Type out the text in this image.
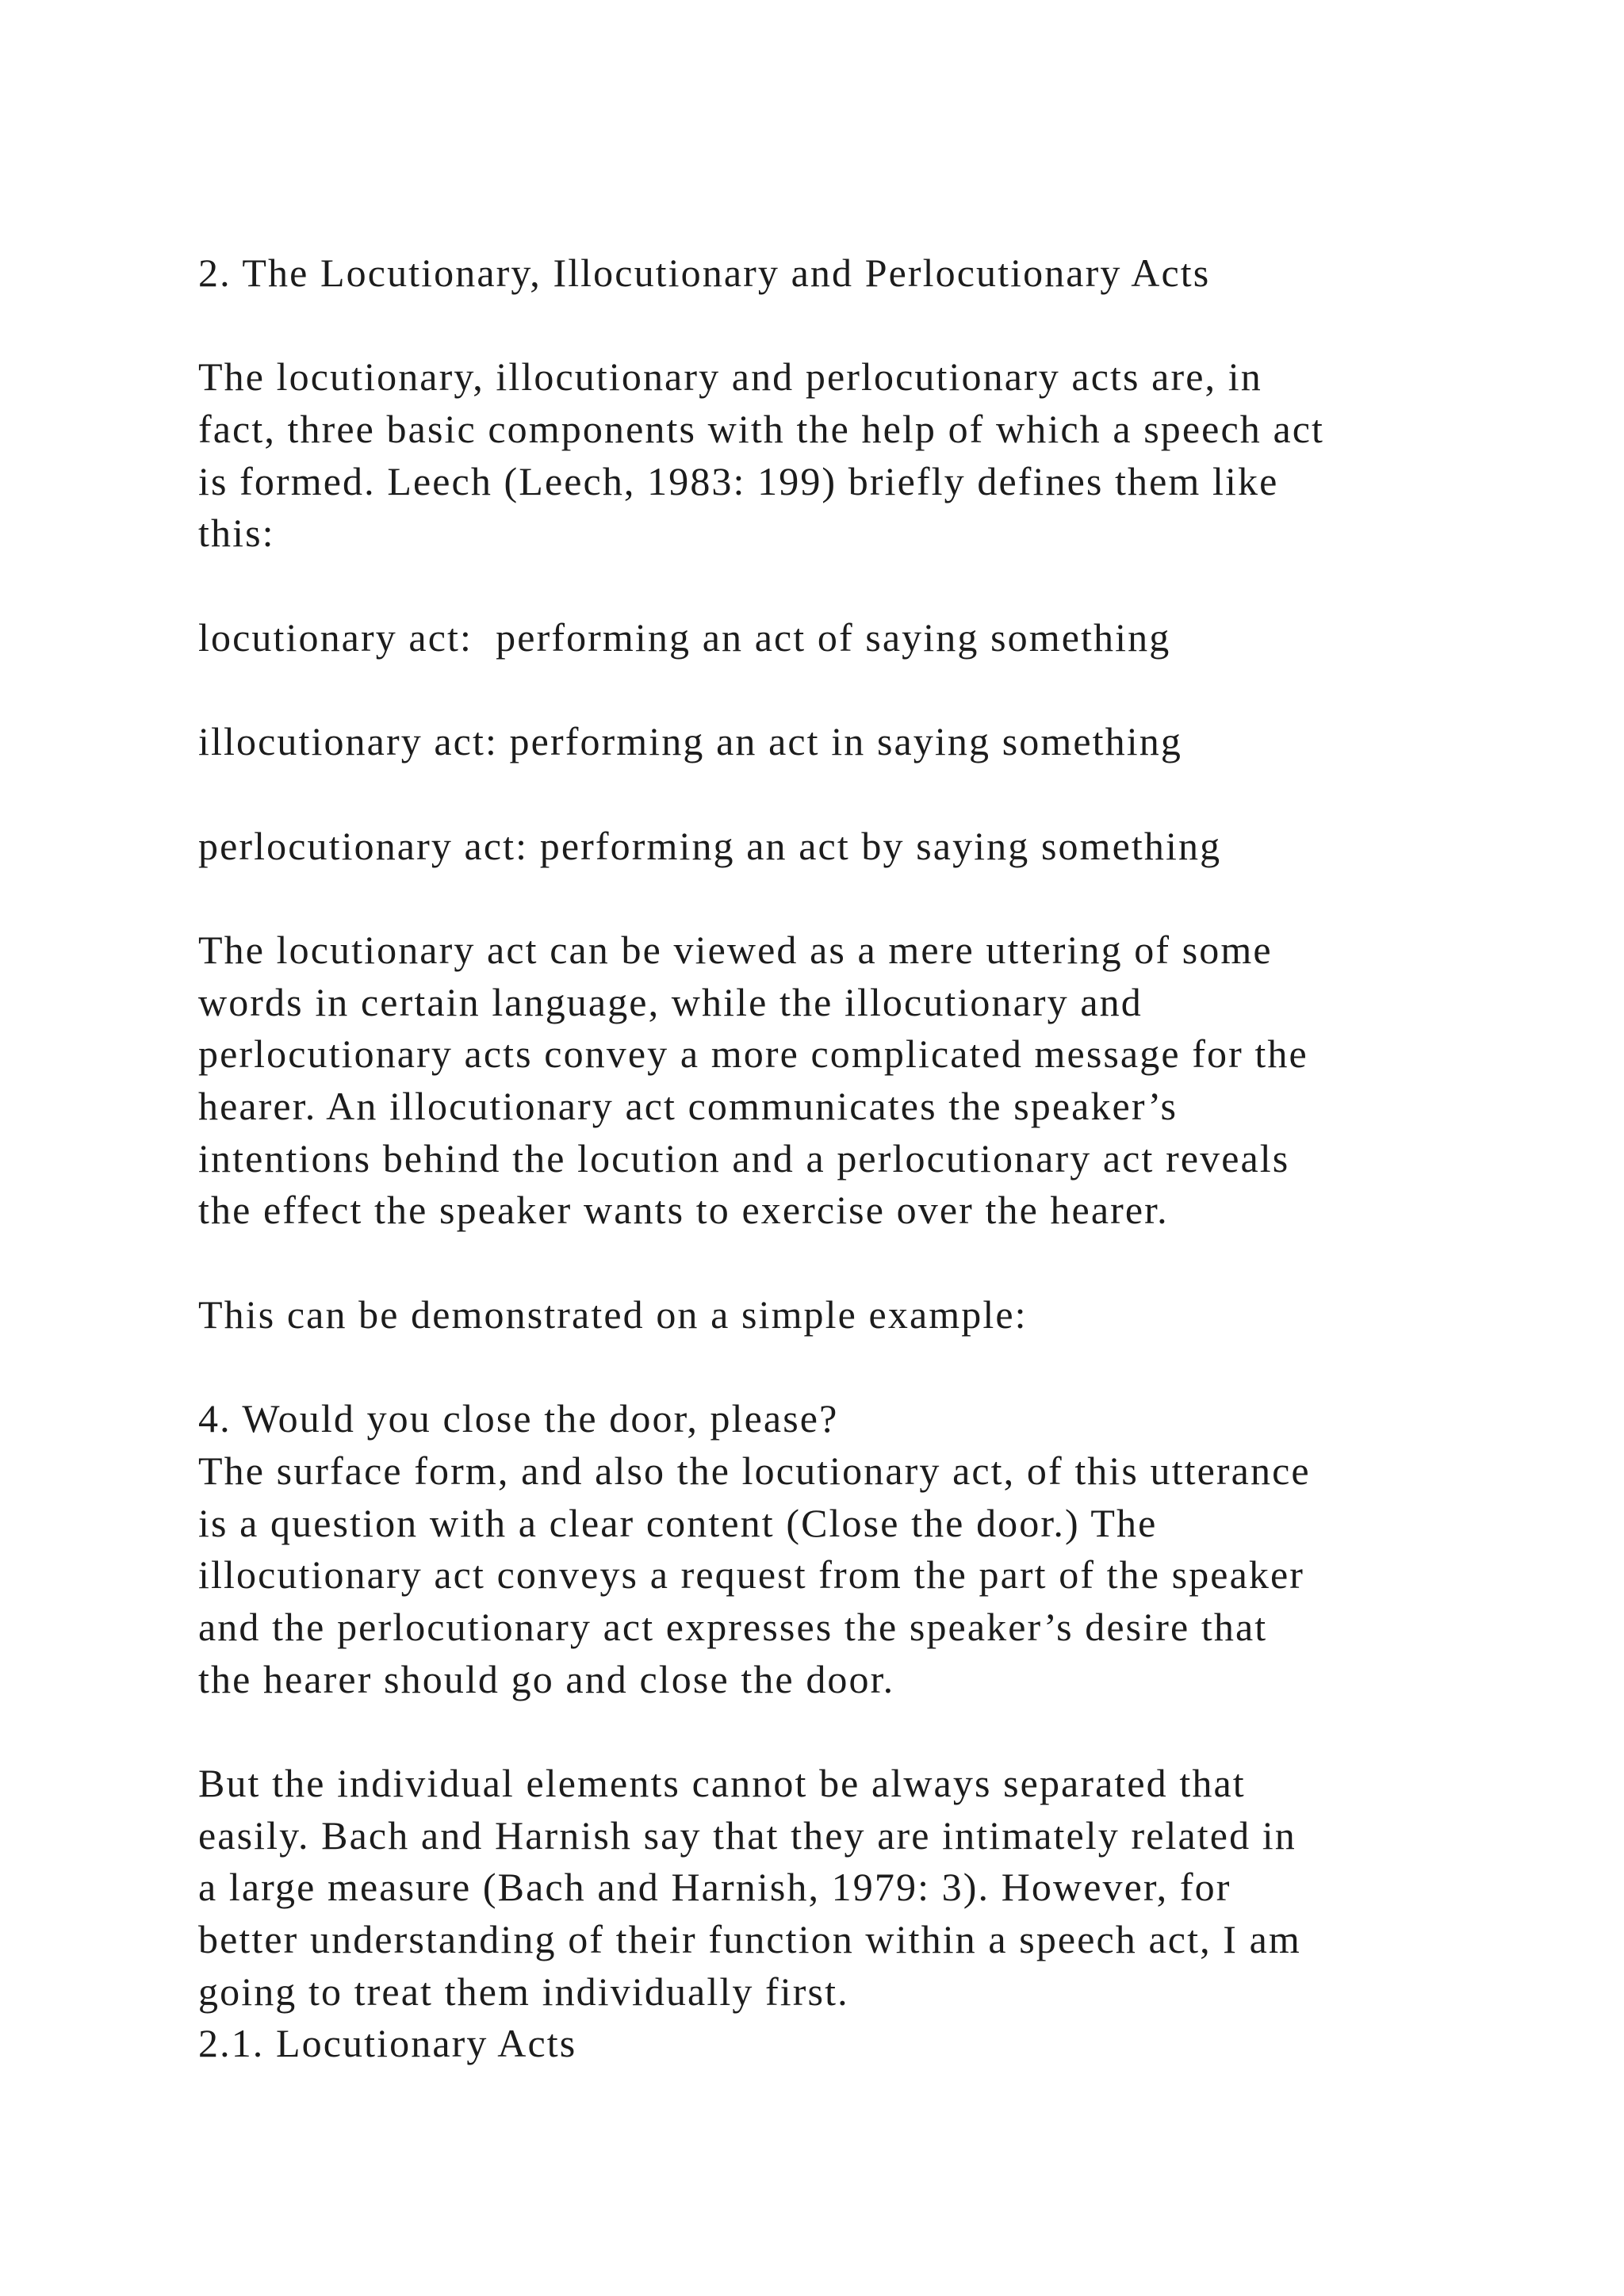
2. The Locutionary, Illocutionary and Perlocutionary Acts
The locutionary, illocutionary and perlocutionary acts are, in
fact, three basic components with the help of which a speech act
is formed. Leech (Leech, 1983: 199) briefly defines them like
this:
locutionary act:  performing an act of saying something
illocutionary act: performing an act in saying something
perlocutionary act: performing an act by saying something
The locutionary act can be viewed as a mere uttering of some
words in certain language, while the illocutionary and
perlocutionary acts convey a more complicated message for the
hearer. An illocutionary act communicates the speaker’s
intentions behind the locution and a perlocutionary act reveals
the effect the speaker wants to exercise over the hearer.
This can be demonstrated on a simple example:
4. Would you close the door, please?
The surface form, and also the locutionary act, of this utterance
is a question with a clear content (Close the door.) The
illocutionary act conveys a request from the part of the speaker
and the perlocutionary act expresses the speaker’s desire that
the hearer should go and close the door.
But the individual elements cannot be always separated that
easily. Bach and Harnish say that they are intimately related in
a large measure (Bach and Harnish, 1979: 3). However, for
better understanding of their function within a speech act, I am
going to treat them individually first.
2.1. Locutionary Acts
